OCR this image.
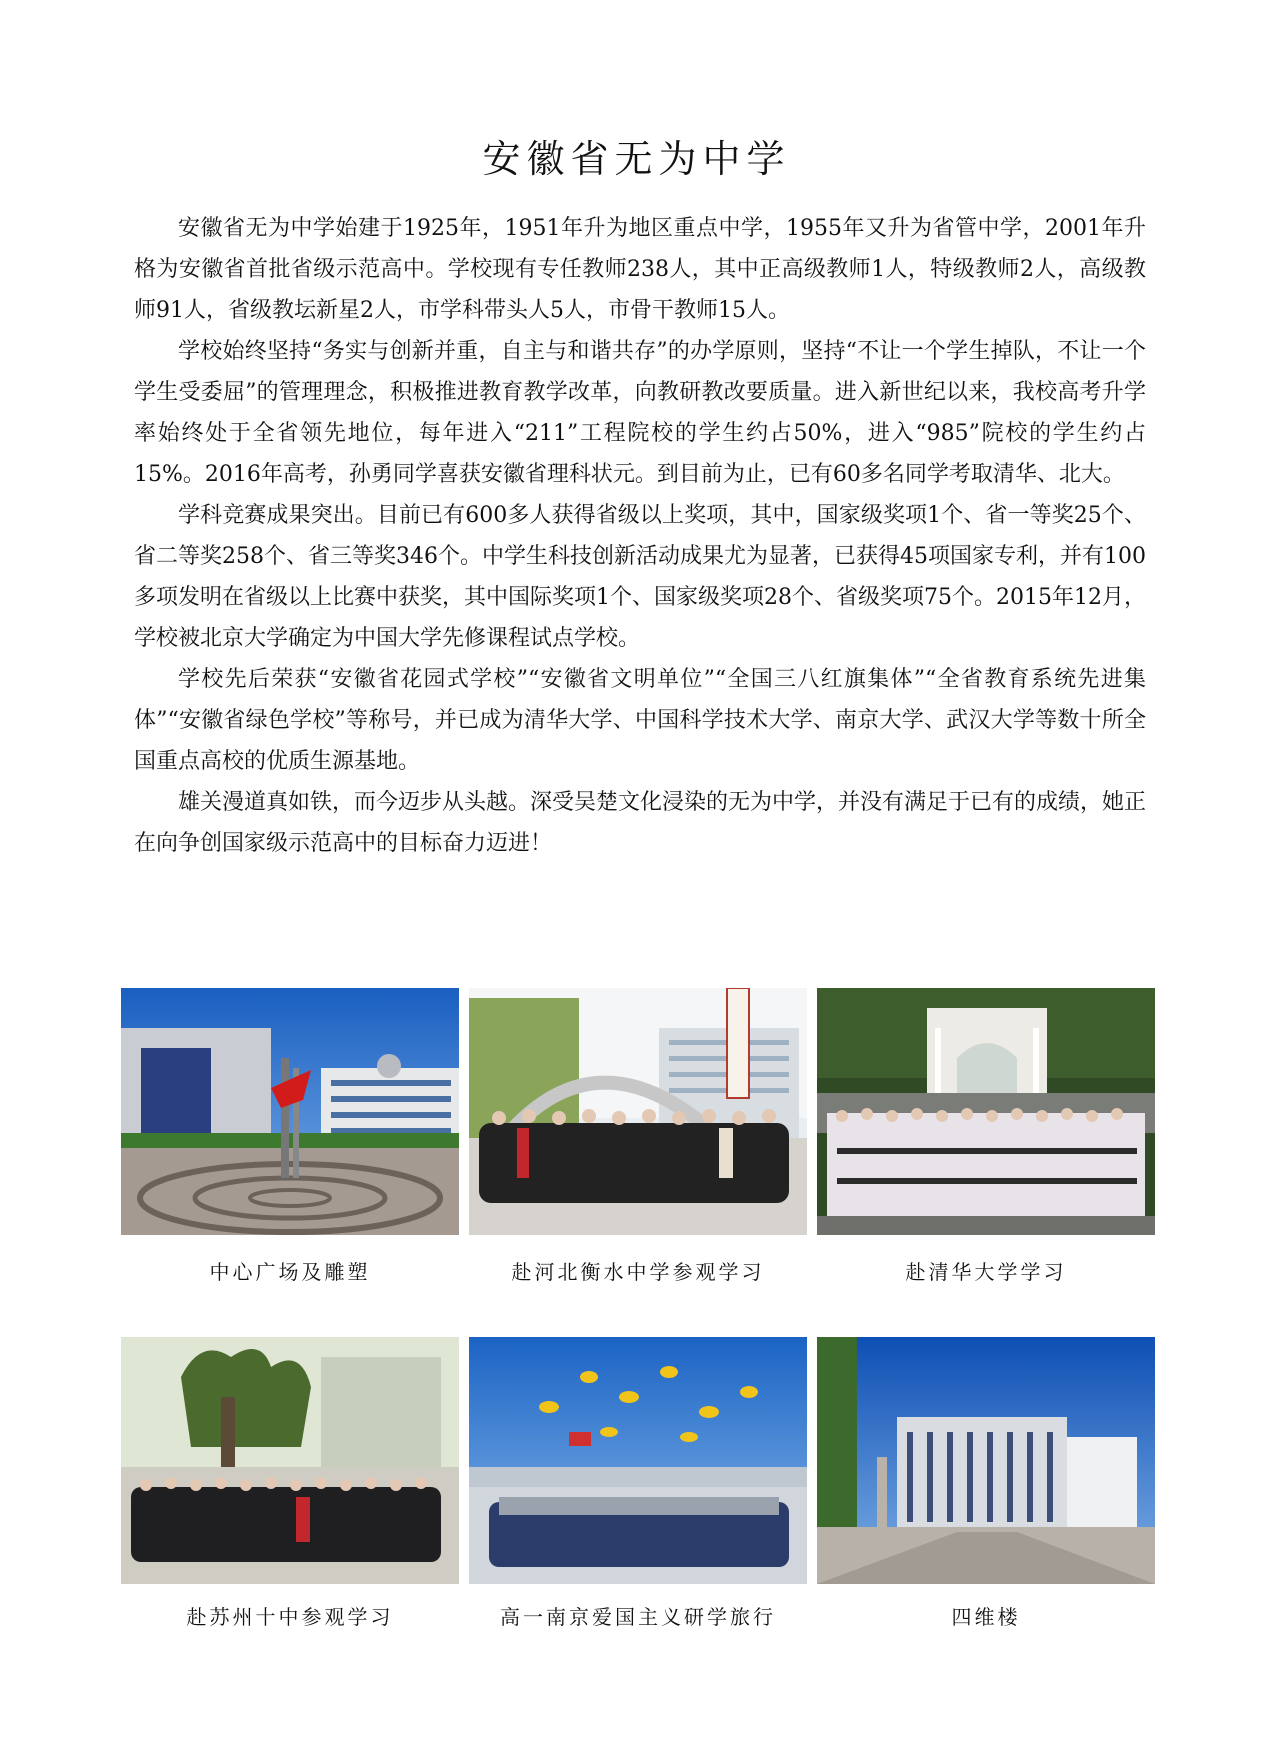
安徽省无为中学

安徽省无为中学始建于1925年，1951年升为地区重点中学，1955年又升为省管中学，2001年升格为安徽省首批省级示范高中。学校现有专任教师238人，其中正高级教师1人，特级教师2人，高级教师91人，省级教坛新星2人，市学科带头人5人，市骨干教师15人。

学校始终坚持“务实与创新并重，自主与和谐共存”的办学原则，坚持“不让一个学生掉队，不让一个学生受委屈”的管理理念，积极推进教育教学改革，向教研教改要质量。进入新世纪以来，我校高考升学率始终处于全省领先地位，每年进入“211”工程院校的学生约占50%，进入“985”院校的学生约占15%。2016年高考，孙勇同学喜获安徽省理科状元。到目前为止，已有60多名同学考取清华、北大。

学科竞赛成果突出。目前已有600多人获得省级以上奖项，其中，国家级奖项1个、省一等奖25个、省二等奖258个、省三等奖346个。中学生科技创新活动成果尤为显著，已获得45项国家专利，并有100多项发明在省级以上比赛中获奖，其中国际奖项1个、国家级奖项28个、省级奖项75个。2015年12月，学校被北京大学确定为中国大学先修课程试点学校。

学校先后荣获“安徽省花园式学校”“安徽省文明单位”“全国三八红旗集体”“全省教育系统先进集体”“安徽省绿色学校”等称号，并已成为清华大学、中国科学技术大学、南京大学、武汉大学等数十所全国重点高校的优质生源基地。

雄关漫道真如铁，而今迈步从头越。深受吴楚文化浸染的无为中学，并没有满足于已有的成绩，她正在向争创国家级示范高中的目标奋力迈进！

中心广场及雕塑	赴河北衡水中学参观学习	赴清华大学学习
赴苏州十中参观学习	高一南京爱国主义研学旅行	四维楼
